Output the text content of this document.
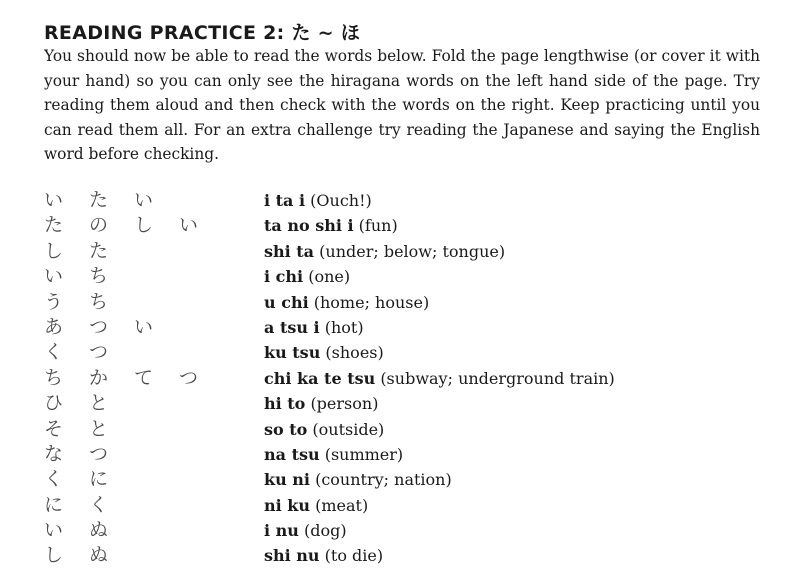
READING PRACTICE 2: た ~ ほ
You should now be able to read the words below. Fold the page lengthwise (or cover it with your hand) so you can only see the hiragana words on the left hand side of the page. Try reading them aloud and then check with the words on the right. Keep practicing until you can read them all. For an extra challenge try reading the Japanese and saying the English word before checking.
い た い
た の し い
し た
い ち
う ち
あ つ い
く つ
ち か て つ
ひ と
そ と
な つ
く に
に く
い ぬ
し ぬ
i ta i (Ouch!)
ta no shi i (fun)
shi ta (under; below; tongue)
i chi (one)
u chi (home; house)
a tsu i (hot)
ku tsu (shoes)
chi ka te tsu (subway; underground train)
hi to (person)
so to (outside)
na tsu (summer)
ku ni (country; nation)
ni ku (meat)
i nu (dog)
shi nu (to die)
